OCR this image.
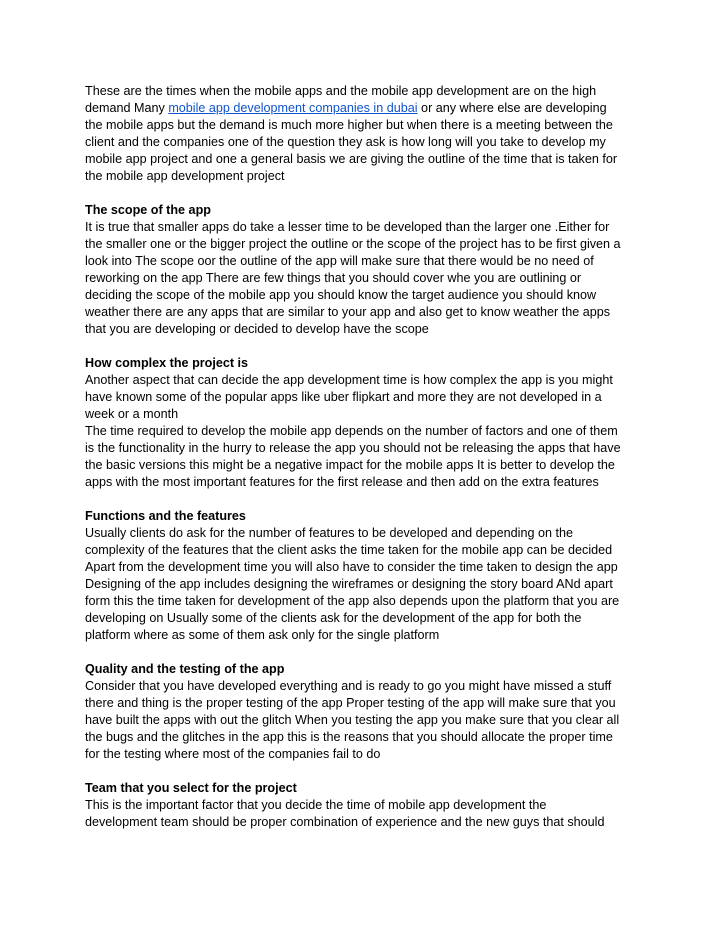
These are the times when the mobile apps and the mobile app development are on the high
demand Many mobile app development companies in dubai or any where else are developing
the mobile apps but the demand is much more higher but when there is a meeting between the
client and the companies one of the question they ask is how long will you take to develop my
mobile app project and one a general basis we are giving the outline of the time that is taken for
the mobile app development project
The scope of the app
It is true that smaller apps do take a lesser time to be developed than the larger one .Either for
the smaller one or the bigger project the outline or the scope of the project has to be first given a
look into The scope oor the outline of the app will make sure that there would be no need of
reworking on the app There are few things that you should cover whe you are outlining or
deciding the scope of the mobile app you should know the target audience you should know
weather there are any apps that are similar to your app and also get to know weather the apps
that you are developing or decided to develop have the scope
How complex the project is
Another aspect that can decide the app development time is how complex the app is you might
have known some of the popular apps like uber flipkart and more they are not developed in a
week or a month
The time required to develop the mobile app depends on the number of factors and one of them
is the functionality in the hurry to release the app you should not be releasing the apps that have
the basic versions this might be a negative impact for the mobile apps It is better to develop the
apps with the most important features for the first release and then add on the extra features
Functions and the features
Usually clients do ask for the number of features to be developed and depending on the
complexity of the features that the client asks the time taken for the mobile app can be decided
Apart from the development time you will also have to consider the time taken to design the app
Designing of the app includes designing the wireframes or designing the story board ANd apart
form this the time taken for development of the app also depends upon the platform that you are
developing on Usually some of the clients ask for the development of the app for both the
platform where as some of them ask only for the single platform
Quality and the testing of the app
Consider that you have developed everything and is ready to go you might have missed a stuff
there and thing is the proper testing of the app Proper testing of the app will make sure that you
have built the apps with out the glitch When you testing the app you make sure that you clear all
the bugs and the glitches in the app this is the reasons that you should allocate the proper time
for the testing where most of the companies fail to do
Team that you select for the project
This is the important factor that you decide the time of mobile app development the
development team should be proper combination of experience and the new guys that should
